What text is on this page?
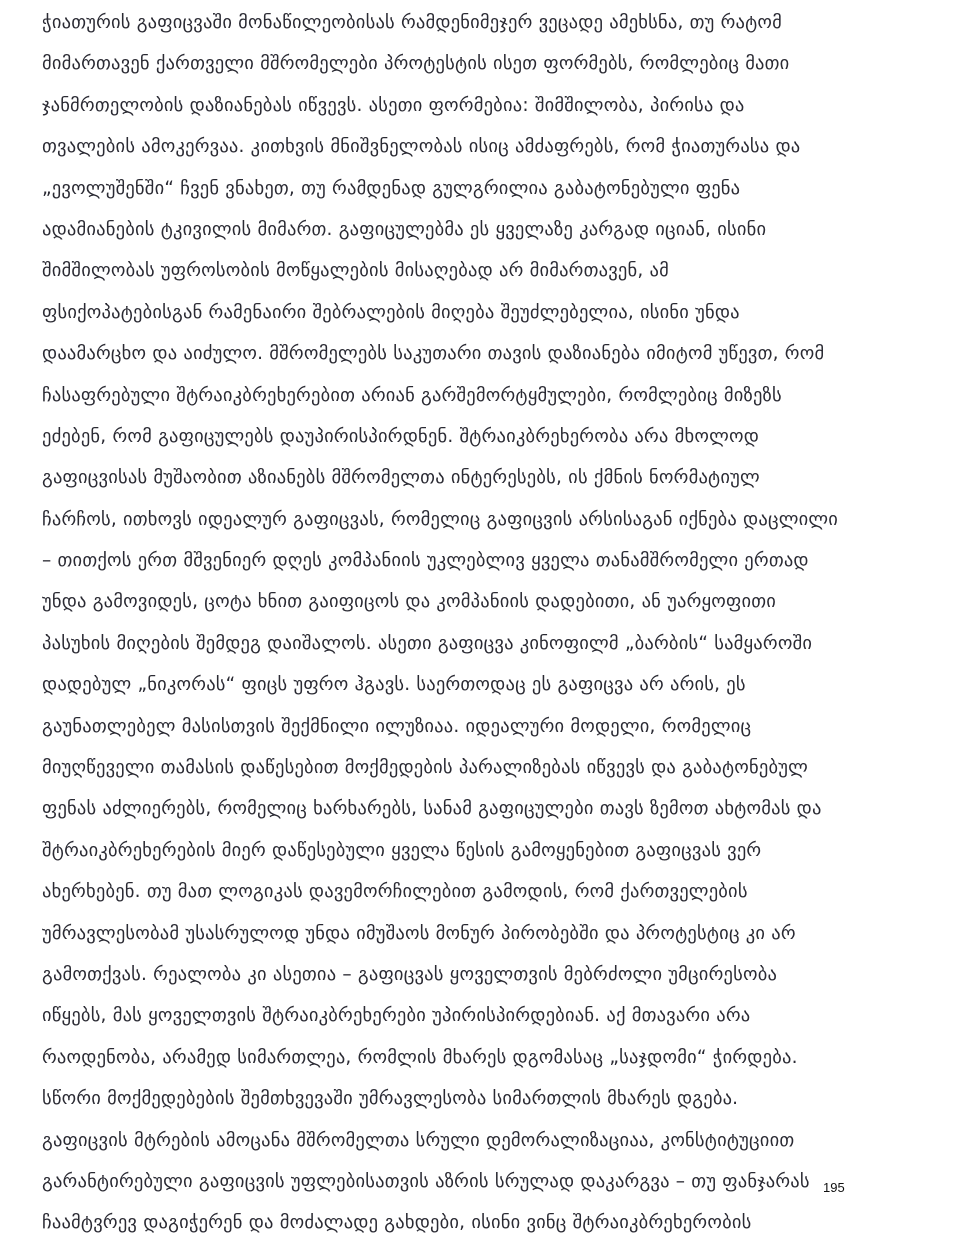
ჭიათურის გაფიცვაში მონაწილეობისას რამდენიმეჯერ ვეცადე ამეხსნა, თუ რატომ
მიმართავენ ქართველი მშრომელები პროტესტის ისეთ ფორმებს, რომლებიც მათი
ჯანმრთელობის დაზიანებას იწვევს. ასეთი ფორმებია: შიმშილობა, პირისა და
თვალების ამოკერვაა. კითხვის მნიშვნელობას ისიც ამძაფრებს, რომ ჭიათურასა და
„ევოლუშენში“ ჩვენ ვნახეთ, თუ რამდენად გულგრილია გაბატონებული ფენა
ადამიანების ტკივილის მიმართ. გაფიცულებმა ეს ყველაზე კარგად იციან, ისინი
შიმშილობას უფროსობის მოწყალების მისაღებად არ მიმართავენ, ამ
ფსიქოპატებისგან რამენაირი შებრალების მიღება შეუძლებელია, ისინი უნდა
დაამარცხო და აიძულო. მშრომელებს საკუთარი თავის დაზიანება იმიტომ უწევთ, რომ
ჩასაფრებული შტრაიკბრეხერებით არიან გარშემორტყმულები, რომლებიც მიზეზს
ეძებენ, რომ გაფიცულებს დაუპირისპირდნენ. შტრაიკბრეხერობა არა მხოლოდ
გაფიცვისას მუშაობით აზიანებს მშრომელთა ინტერესებს, ის ქმნის ნორმატიულ
ჩარჩოს, ითხოვს იდეალურ გაფიცვას, რომელიც გაფიცვის არსისაგან იქნება დაცლილი
– თითქოს ერთ მშვენიერ დღეს კომპანიის უკლებლივ ყველა თანამშრომელი ერთად
უნდა გამოვიდეს, ცოტა ხნით გაიფიცოს და კომპანიის დადებითი, ან უარყოფითი
პასუხის მიღების შემდეგ დაიშალოს. ასეთი გაფიცვა კინოფილმ „ბარბის“ სამყაროში
დადებულ „ნიკორას“ ფიცს უფრო ჰგავს. საერთოდაც ეს გაფიცვა არ არის, ეს
გაუნათლებელ მასისთვის შექმნილი ილუზიაა. იდეალური მოდელი, რომელიც
მიუღწეველი თამასის დაწესებით მოქმედების პარალიზებას იწვევს და გაბატონებულ
ფენას აძლიერებს, რომელიც ხარხარებს, სანამ გაფიცულები თავს ზემოთ ახტომას და
შტრაიკბრეხერების მიერ დაწესებული ყველა წესის გამოყენებით გაფიცვას ვერ
ახერხებენ. თუ მათ ლოგიკას დავემორჩილებით გამოდის, რომ ქართველების
უმრავლესობამ უსასრულოდ უნდა იმუშაოს მონურ პირობებში და პროტესტიც კი არ
გამოთქვას. რეალობა კი ასეთია – გაფიცვას ყოველთვის მებრძოლი უმცირესობა
იწყებს, მას ყოველთვის შტრაიკბრეხერები უპირისპირდებიან. აქ მთავარი არა
რაოდენობა, არამედ სიმართლეა, რომლის მხარეს დგომასაც „საჯდომი“ ჭირდება.
სწორი მოქმედებების შემთხვევაში უმრავლესობა სიმართლის მხარეს დგება.
გაფიცვის მტრების ამოცანა მშრომელთა სრული დემორალიზაციაა, კონსტიტუციით
გარანტირებული გაფიცვის უფლებისათვის აზრის სრულად დაკარგვა – თუ ფანჯარას
ჩაამტვრევ დაგიჭერენ და მოძალადე გახდები, ისინი ვინც შტრაიკბრეხერობის
195
